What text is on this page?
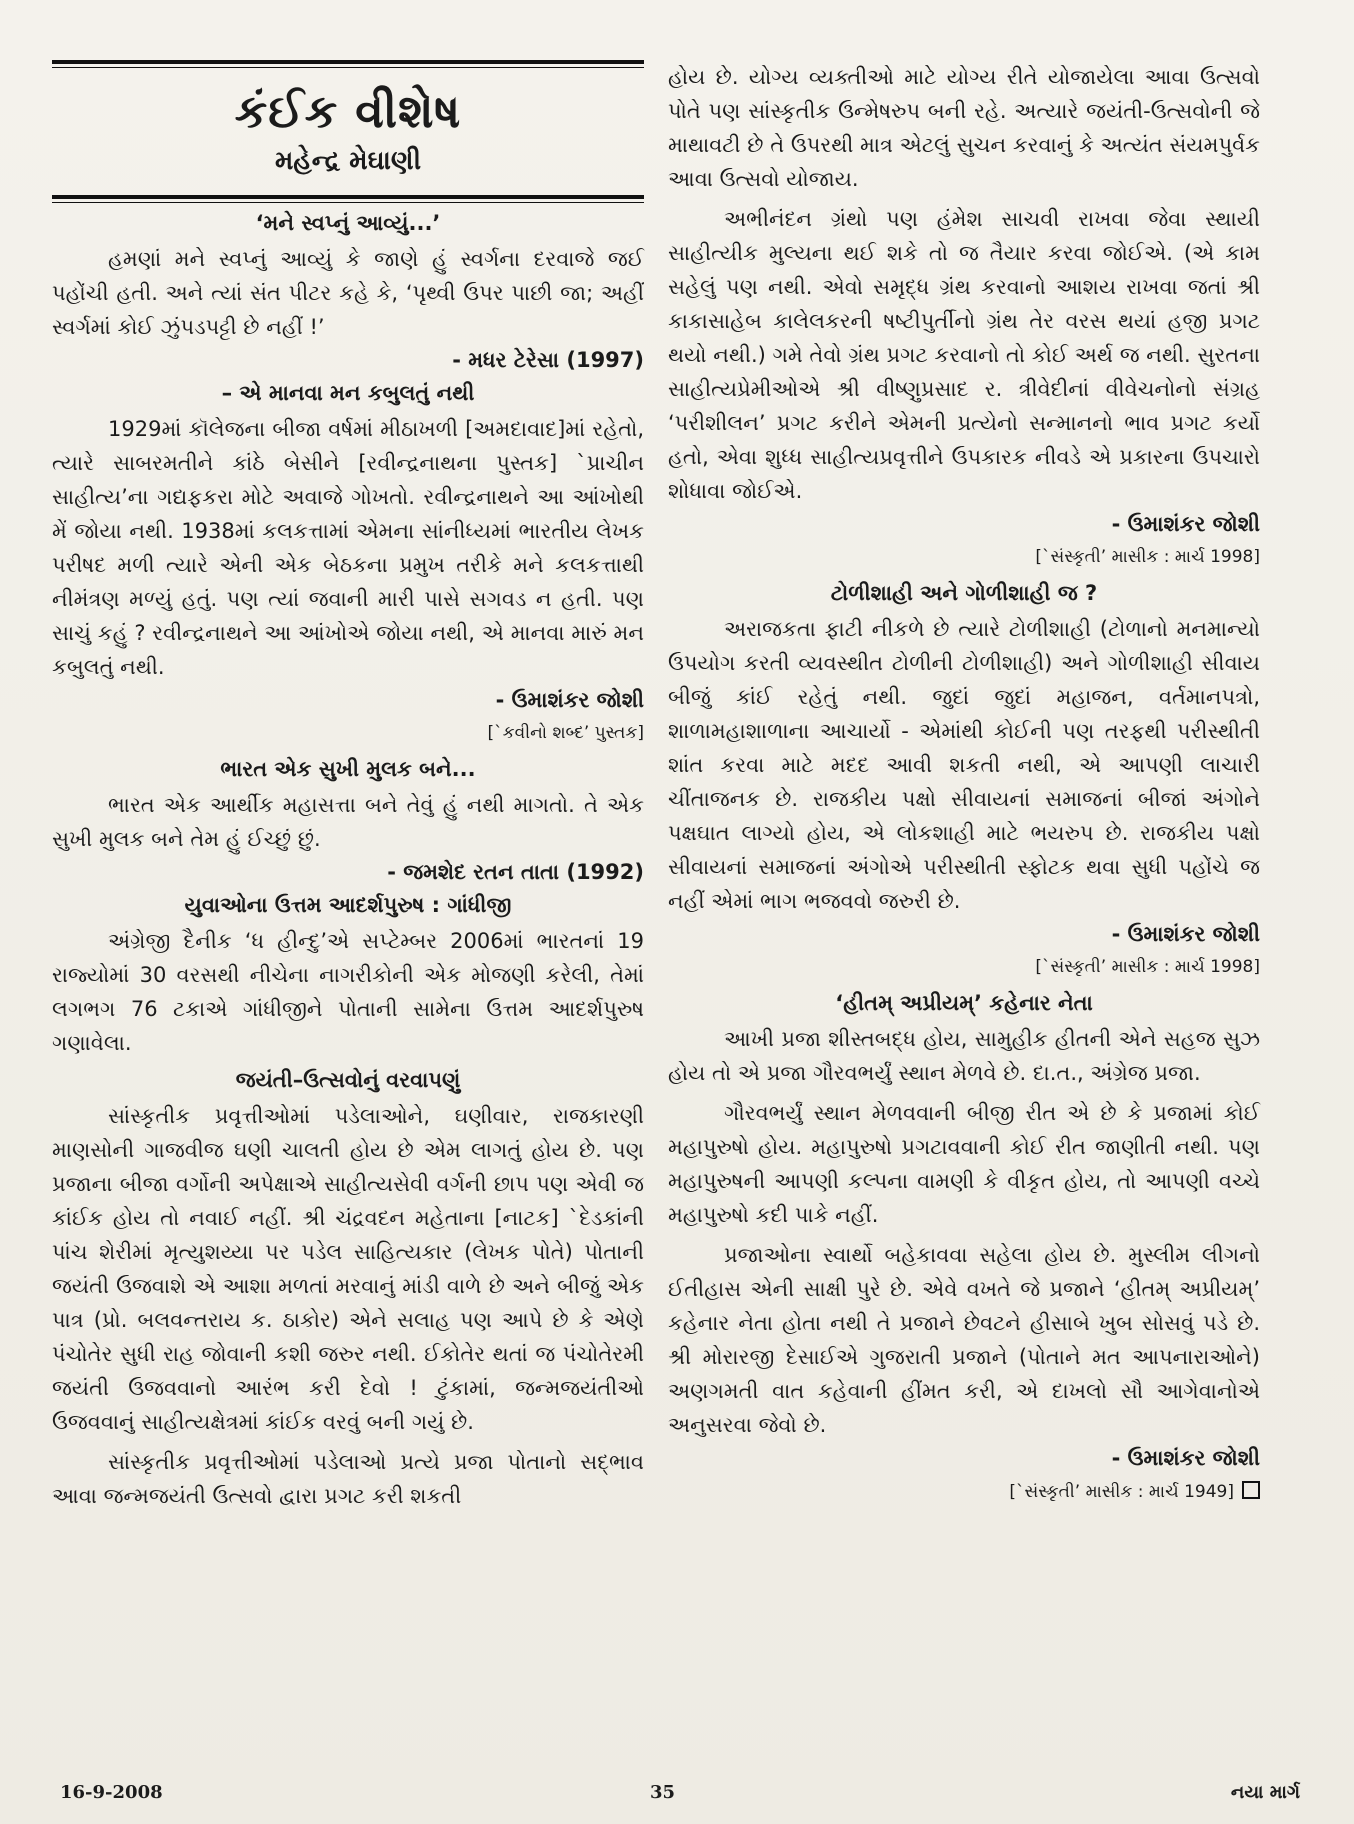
કંઈક વીશેષ
મહેન્દ્ર મેઘાણી
‘મને સ્વપ્નું આવ્યું...’

હમણાં મને સ્વપ્નું આવ્યું કે જાણે હું સ્વર્ગના દરવાજે જઈ પહોંચી હતી. અને ત્યાં સંત પીટર કહે કે, ‘પૃથ્વી ઉપર પાછી જા; અહીં સ્વર્ગમાં કોઈ ઝુંપડપટ્ટી છે નહીં !’

- મધર ટેરેસા (1997)
– એ માનવા મન કબુલતું નથી

1929માં કૉલેજના બીજા વર્ષમાં મીઠાખળી [અમદાવાદ]માં રહેતો, ત્યારે સાબરમતીને કાંઠે બેસીને [રવીન્દ્રનાથના પુસ્તક] `પ્રાચીન સાહીત્ય’ના ગદ્યફકરા મોટે અવાજે ગોખતો. રવીન્દ્રનાથને આ આંખોથી મેં જોયા નથી. 1938માં કલકત્તામાં એમના સાંનીધ્યમાં ભારતીય લેખક પરીષદ મળી ત્યારે એની એક બેઠકના પ્રમુખ તરીકે મને કલકત્તાથી નીમંત્રણ મળ્યું હતું. પણ ત્યાં જવાની મારી પાસે સગવડ ન હતી. પણ સાચું કહું ? રવીન્દ્રનાથને આ આંખોએ જોયા નથી, એ માનવા મારું મન કબુલતું નથી.

- ઉમાશંકર જોશી
[`કવીનો શબ્દ’ પુસ્તક]
ભારત એક સુખી મુલક બને...

ભારત એક આર્થીક મહાસત્તા બને તેવું હું નથી માગતો. તે એક સુખી મુલક બને તેમ હું ઈચ્છું છું.

- જમશેદ રતન તાતા (1992)
યુવાઓના ઉત્તમ આદર્શપુરુષ : ગાંધીજી

અંગ્રેજી દૈનીક ‘ધ હીન્દુ’એ સપ્ટેમ્બર 2006માં ભારતનાં 19 રાજ્યોમાં 30 વરસથી નીચેના નાગરીકોની એક મોજણી કરેલી, તેમાં લગભગ 76 ટકાએ ગાંધીજીને પોતાની સામેના ઉત્તમ આદર્શપુરુષ ગણાવેલા.

જયંતી–ઉત્સવોનું વરવાપણું

સાંસ્કૃતીક પ્રવૃત્તીઓમાં પડેલાઓને, ઘણીવાર, રાજકારણી માણસોની ગાજવીજ ઘણી ચાલતી હોય છે એમ લાગતું હોય છે. પણ પ્રજાના બીજા વર્ગોની અપેક્ષાએ સાહીત્યસેવી વર્ગની છાપ પણ એવી જ કાંઈક હોય તો નવાઈ નહીં. શ્રી ચંદ્રવદન મહેતાના [નાટક] `દેડકાંની પાંચ શેરીમાં મૃત્યુશય્યા પર પડેલ સાહિત્યકાર (લેખક પોતે) પોતાની જયંતી ઉજવાશે એ આશા મળતાં મરવાનું માંડી વાળે છે અને બીજું એક પાત્ર (પ્રો. બલવન્તરાય ક. ઠાકોર) એને સલાહ પણ આપે છે કે એણે પંચોતેર સુધી રાહ જોવાની કશી જરુર નથી. ઈકોતેર થતાં જ પંચોતેરમી જયંતી ઉજવવાનો આરંભ કરી દેવો ! ટુંકામાં, જન્મજયંતીઓ ઉજવવાનું સાહીત્યક્ષેત્રમાં કાંઈક વરવું બની ગયું છે.

સાંસ્કૃતીક પ્રવૃત્તીઓમાં પડેલાઓ પ્રત્યે પ્રજા પોતાનો સદ્ભાવ આવા જન્મજયંતી ઉત્સવો દ્વારા પ્રગટ કરી શકતી

હોય છે. યોગ્ય વ્યક્તીઓ માટે યોગ્ય રીતે યોજાયેલા આવા ઉત્સવો પોતે પણ સાંસ્કૃતીક ઉન્મેષરુપ બની રહે. અત્યારે જયંતી-ઉત્સવોની જે માથાવટી છે તે ઉપરથી માત્ર એટલું સુચન કરવાનું કે અત્યંત સંયમપુર્વક આવા ઉત્સવો યોજાય.

અભીનંદન ગ્રંથો પણ હંમેશ સાચવી રાખવા જેવા સ્થાયી સાહીત્યીક મુલ્યના થઈ શકે તો જ તૈયાર કરવા જોઈએ. (એ કામ સહેલું પણ નથી. એવો સમૃદ્ધ ગ્રંથ કરવાનો આશય રાખવા જતાં શ્રી કાકાસાહેબ કાલેલકરની ષષ્ટીપુર્તીનો ગ્રંથ તેર વરસ થયાં હજી પ્રગટ થયો નથી.) ગમે તેવો ગ્રંથ પ્રગટ કરવાનો તો કોઈ અર્થ જ નથી. સુરતના સાહીત્યપ્રેમીઓએ શ્રી વીષ્ણુપ્રસાદ ર. ત્રીવેદીનાં વીવેચનોનો સંગ્રહ ‘પરીશીલન’ પ્રગટ કરીને એમની પ્રત્યેનો સન્માનનો ભાવ પ્રગટ કર્યો હતો, એવા શુધ્ધ સાહીત્યપ્રવૃત્તીને ઉપકારક નીવડે એ પ્રકારના ઉપચારો શોધાવા જોઈએ.

- ઉમાશંકર જોશી
[`સંસ્કૃતી’ માસીક : માર્ચ 1998]
ટોળીશાહી અને ગોળીશાહી જ ?

અરાજકતા ફાટી નીકળે છે ત્યારે ટોળીશાહી (ટોળાનો મનમાન્યો ઉપયોગ કરતી વ્યવસ્થીત ટોળીની ટોળીશાહી) અને ગોળીશાહી સીવાય બીજું કાંઈ રહેતું નથી. જુદાં જુદાં મહાજન, વર્તમાનપત્રો, શાળામહાશાળાના આચાર્યો - એમાંથી કોઈની પણ તરફથી પરીસ્થીતી શાંત કરવા માટે મદદ આવી શકતી નથી, એ આપણી લાચારી ચીંતાજનક છે. રાજકીય પક્ષો સીવાયનાં સમાજનાં બીજાં અંગોને પક્ષઘાત લાગ્યો હોય, એ લોકશાહી માટે ભયરુપ છે. રાજકીય પક્ષો સીવાયનાં સમાજનાં અંગોએ પરીસ્થીતી સ્ફોટક થવા સુધી પહોંચે જ નહીં એમાં ભાગ ભજવવો જરુરી છે.

- ઉમાશંકર જોશી
[`સંસ્કૃતી’ માસીક : માર્ચ 1998]
‘હીતમ્ અપ્રીયમ્’ કહેનાર નેતા

આખી પ્રજા શીસ્તબદ્ધ હોય, સામુહીક હીતની એને સહજ સુઝ હોય તો એ પ્રજા ગૌરવભર્યું સ્થાન મેળવે છે. દા.ત., અંગ્રેજ પ્રજા.

ગૌરવભર્યું સ્થાન મેળવવાની બીજી રીત એ છે કે પ્રજામાં કોઈ મહાપુરુષો હોય. મહાપુરુષો પ્રગટાવવાની કોઈ રીત જાણીતી નથી. પણ મહાપુરુષની આપણી કલ્પના વામણી કે વીકૃત હોય, તો આપણી વચ્ચે મહાપુરુષો કદી પાકે નહીં.

પ્રજાઓના સ્વાર્થો બહેકાવવા સહેલા હોય છે. મુસ્લીમ લીગનો ઈતીહાસ એની સાક્ષી પુરે છે. એવે વખતે જે પ્રજાને ‘હીતમ્ અપ્રીયમ્’ કહેનાર નેતા હોતા નથી તે પ્રજાને છેવટને હીસાબે ખુબ સોસવું પડે છે. શ્રી મોરારજી દેસાઈએ ગુજરાતી પ્રજાને (પોતાને મત આપનારાઓને) અણગમતી વાત કહેવાની હીંમત કરી, એ દાખલો સૌ આગેવાનોએ અનુસરવા જેવો છે.

- ઉમાશંકર જોશી
[`સંસ્કૃતી’ માસીક : માર્ચ 1949]
16-9-2008	35	નયા માર્ગ
